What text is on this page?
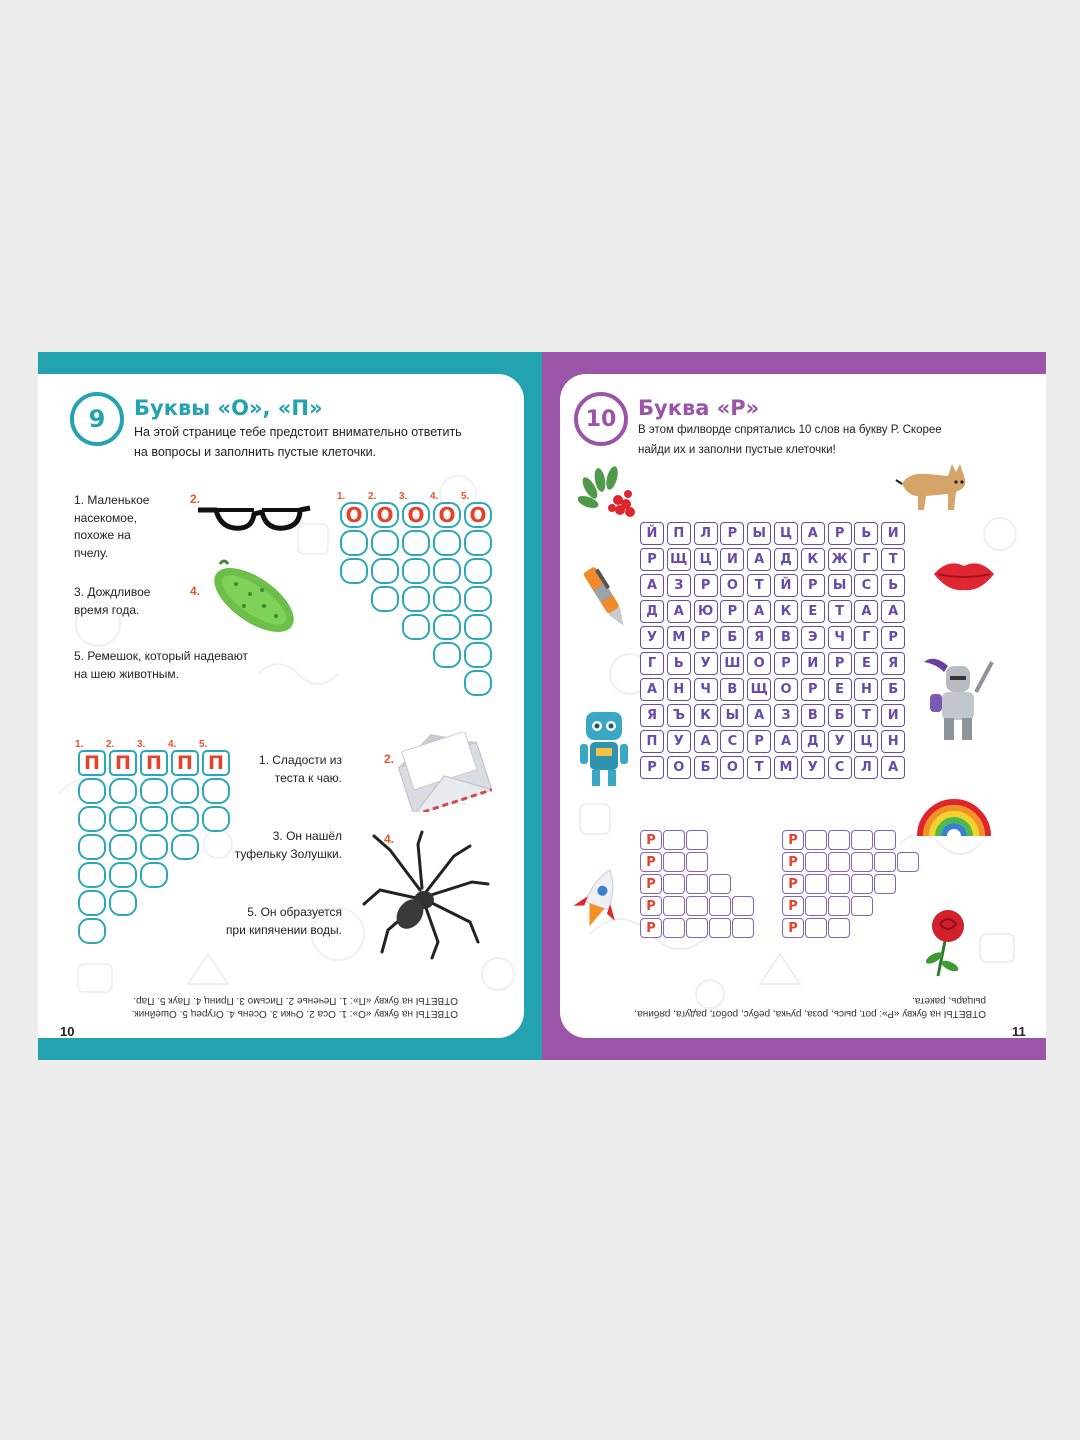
9 Буквы «О», «П»
На этой странице тебе предстоит внимательно ответить
на вопросы и заполнить пустые клеточки.
1. Маленькое
насекомое,
похоже на
пчелу.
3. Дождливое
время года.
5. Ремешок, который надевают
на шею животным.
2.
4.
1. 2. 3. 4. 5.
О О О О О
1. 2. 3. 4. 5.
П П П П П	1. Сладости из
теста к чаю.
3. Он нашёл
туфельку Золушки.
5. Он образуется
при кипячении воды.
2.
4.
ОТВЕТЫ на букву «О»: 1. Оса 2. Очки 3. Осень 4. Огурец 5. Ошейник.
ОТВЕТЫ на букву «П»: 1. Печенье 2. Письмо 3. Принц 4. Паук 5. Пар.
10
10 Буква «Р»
В этом филворде спрятались 10 слов на букву Р. Скорее
найди их и заполни пустые клеточки!
Й	П	Л	Р	Ы	Ц	А	Р	Ь	И
Р	Щ Ц	И	А	Д	К	Ж	Г	Т
А	З	Р	О	Т	Й	Р	Ы	С	Ь
Д	А	Ю	Р	А	К	Е	Т	А	А
У	М	Р	Б	Я	В	Э	Ч	Г	Р
Г	Ь	У	Ш	О	Р	И	Р	Е	Я
А	Н	Ч	В	Щ О	Р	Е	Н	Б
Я	Ъ	К	Ы	А	З	В	Б	Т	И
П	У	А	С	Р	А	Д	У	Ц	Н
Р	О	Б	О	Т	М	У	С	Л	А
Р
Р
Р
Р
Р
Р
Р
Р
Р
Р
ОТВЕТЫ на букву «Р»: рот, рысь, роза, ручка, ребус, робот, радуга, рябина,
рыцарь, ракета.
11
